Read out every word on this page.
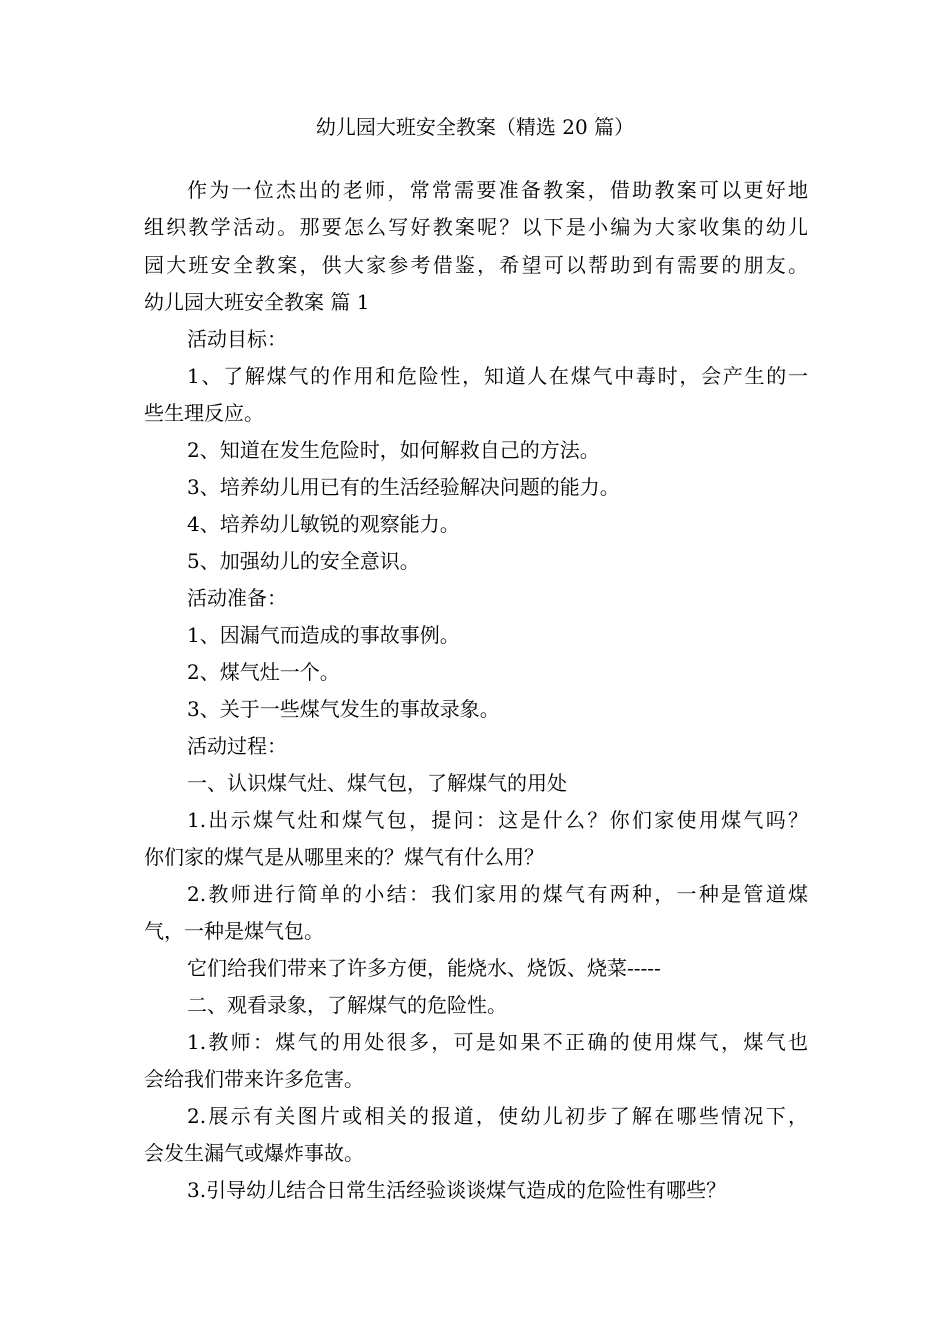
幼儿园大班安全教案（精选 20 篇）
作为一位杰出的老师，常常需要准备教案，借助教案可以更好地
组织教学活动。那要怎么写好教案呢？以下是小编为大家收集的幼儿
园大班安全教案，供大家参考借鉴，希望可以帮助到有需要的朋友。
幼儿园大班安全教案 篇 1
活动目标：
1、了解煤气的作用和危险性，知道人在煤气中毒时，会产生的一
些生理反应。
2、知道在发生危险时，如何解救自己的方法。
3、培养幼儿用已有的生活经验解决问题的能力。
4、培养幼儿敏锐的观察能力。
5、加强幼儿的安全意识。
活动准备：
1、因漏气而造成的事故事例。
2、煤气灶一个。
3、关于一些煤气发生的事故录象。
活动过程：
一、认识煤气灶、煤气包，了解煤气的用处
1.出示煤气灶和煤气包，提问：这是什么？你们家使用煤气吗？
你们家的煤气是从哪里来的？煤气有什么用？
2.教师进行简单的小结：我们家用的煤气有两种，一种是管道煤
气，一种是煤气包。
它们给我们带来了许多方便，能烧水、烧饭、烧菜-----
二、观看录象，了解煤气的危险性。
1.教师：煤气的用处很多，可是如果不正确的使用煤气，煤气也
会给我们带来许多危害。
2.展示有关图片或相关的报道，使幼儿初步了解在哪些情况下，
会发生漏气或爆炸事故。
3.引导幼儿结合日常生活经验谈谈煤气造成的危险性有哪些？
